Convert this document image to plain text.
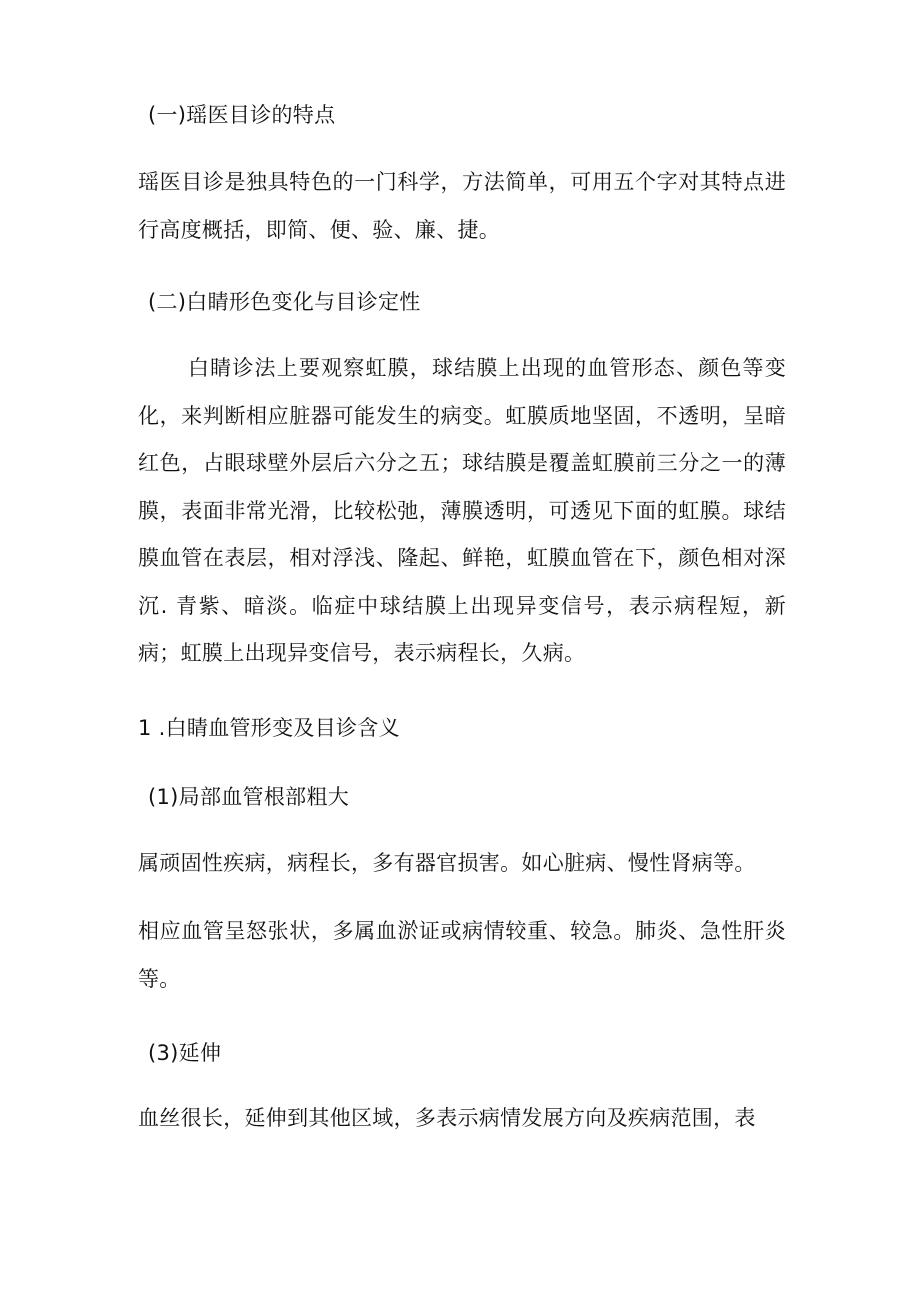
(一)瑶医目诊的特点
瑶医目诊是独具特色的一门科学，方法简单，可用五个字对其特点进行高度概括，即简、便、验、廉、捷。
(二)白睛形色变化与目诊定性
白睛诊法上要观察虹膜，球结膜上出现的血管形态、颜色等变化，来判断相应脏器可能发生的病变。虹膜质地坚固，不透明，呈暗红色，占眼球壁外层后六分之五；球结膜是覆盖虹膜前三分之一的薄膜，表面非常光滑，比较松弛，薄膜透明，可透见下面的虹膜。球结膜血管在表层，相对浮浅、隆起、鲜艳，虹膜血管在下，颜色相对深沉. 青紫、暗淡。临症中球结膜上出现异变信号，表示病程短，新病；虹膜上出现异变信号，表示病程长，久病。
1 .白睛血管形变及目诊含义
(1)局部血管根部粗大
属顽固性疾病，病程长，多有器官损害。如心脏病、慢性肾病等。
相应血管呈怒张状，多属血淤证或病情较重、较急。肺炎、急性肝炎等。
(3)延伸
血丝很长，延伸到其他区域，多表示病情发展方向及疾病范围，表
